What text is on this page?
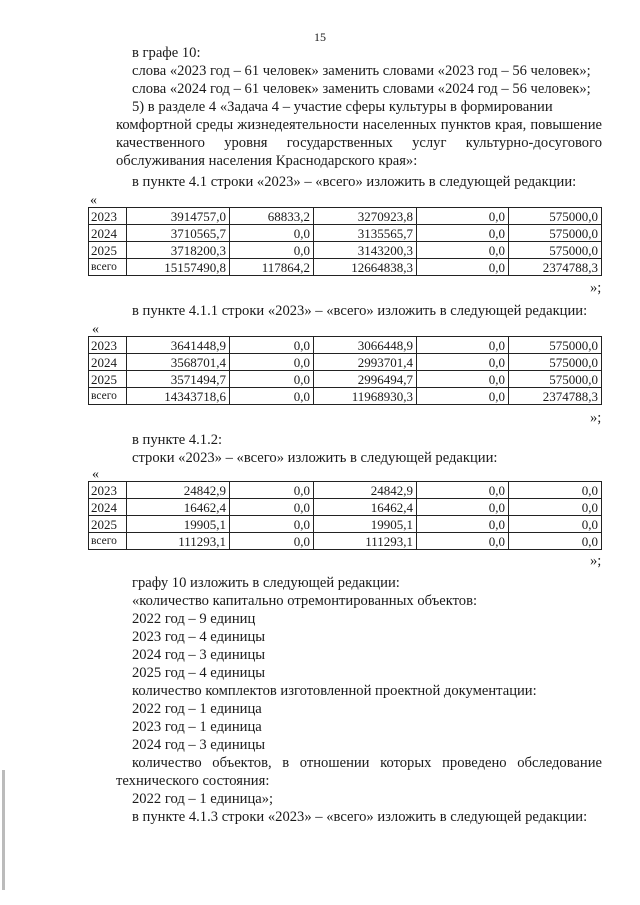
15
в графе 10:
слова «2023 год – 61 человек» заменить словами «2023 год – 56 человек»;
слова «2024 год – 61 человек» заменить словами «2024 год – 56 человек»;
5) в разделе 4 «Задача 4 – участие сферы культуры в формировании
комфортной среды жизнедеятельности населенных пунктов края, повышение
качественного уровня государственных услуг культурно-досугового
обслуживания населения Краснодарского края»:
в пункте 4.1 строки «2023» – «всего» изложить в следующей редакции:
«
2023	3914757,0	68833,2	3270923,8	0,0	575000,0
2024	3710565,7	0,0	3135565,7	0,0	575000,0
2025	3718200,3	0,0	3143200,3	0,0	575000,0
всего	15157490,8	117864,2	12664838,3	0,0	2374788,3
»;
в пункте 4.1.1 строки «2023» – «всего» изложить в следующей редакции:
«
2023	3641448,9	0,0	3066448,9	0,0	575000,0
2024	3568701,4	0,0	2993701,4	0,0	575000,0
2025	3571494,7	0,0	2996494,7	0,0	575000,0
всего	14343718,6	0,0	11968930,3	0,0	2374788,3
»;
в пункте 4.1.2:
строки «2023» – «всего» изложить в следующей редакции:
«
2023	24842,9	0,0	24842,9	0,0	0,0
2024	16462,4	0,0	16462,4	0,0	0,0
2025	19905,1	0,0	19905,1	0,0	0,0
всего	111293,1	0,0	111293,1	0,0	0,0
»;
графу 10 изложить в следующей редакции:
«количество капитально отремонтированных объектов:
2022 год – 9 единиц
2023 год – 4 единицы
2024 год – 3 единицы
2025 год – 4 единицы
количество комплектов изготовленной проектной документации:
2022 год – 1 единица
2023 год – 1 единица
2024 год – 3 единицы
количество объектов, в отношении которых проведено обследование
технического состояния:
2022 год – 1 единица»;
в пункте 4.1.3 строки «2023» – «всего» изложить в следующей редакции:
